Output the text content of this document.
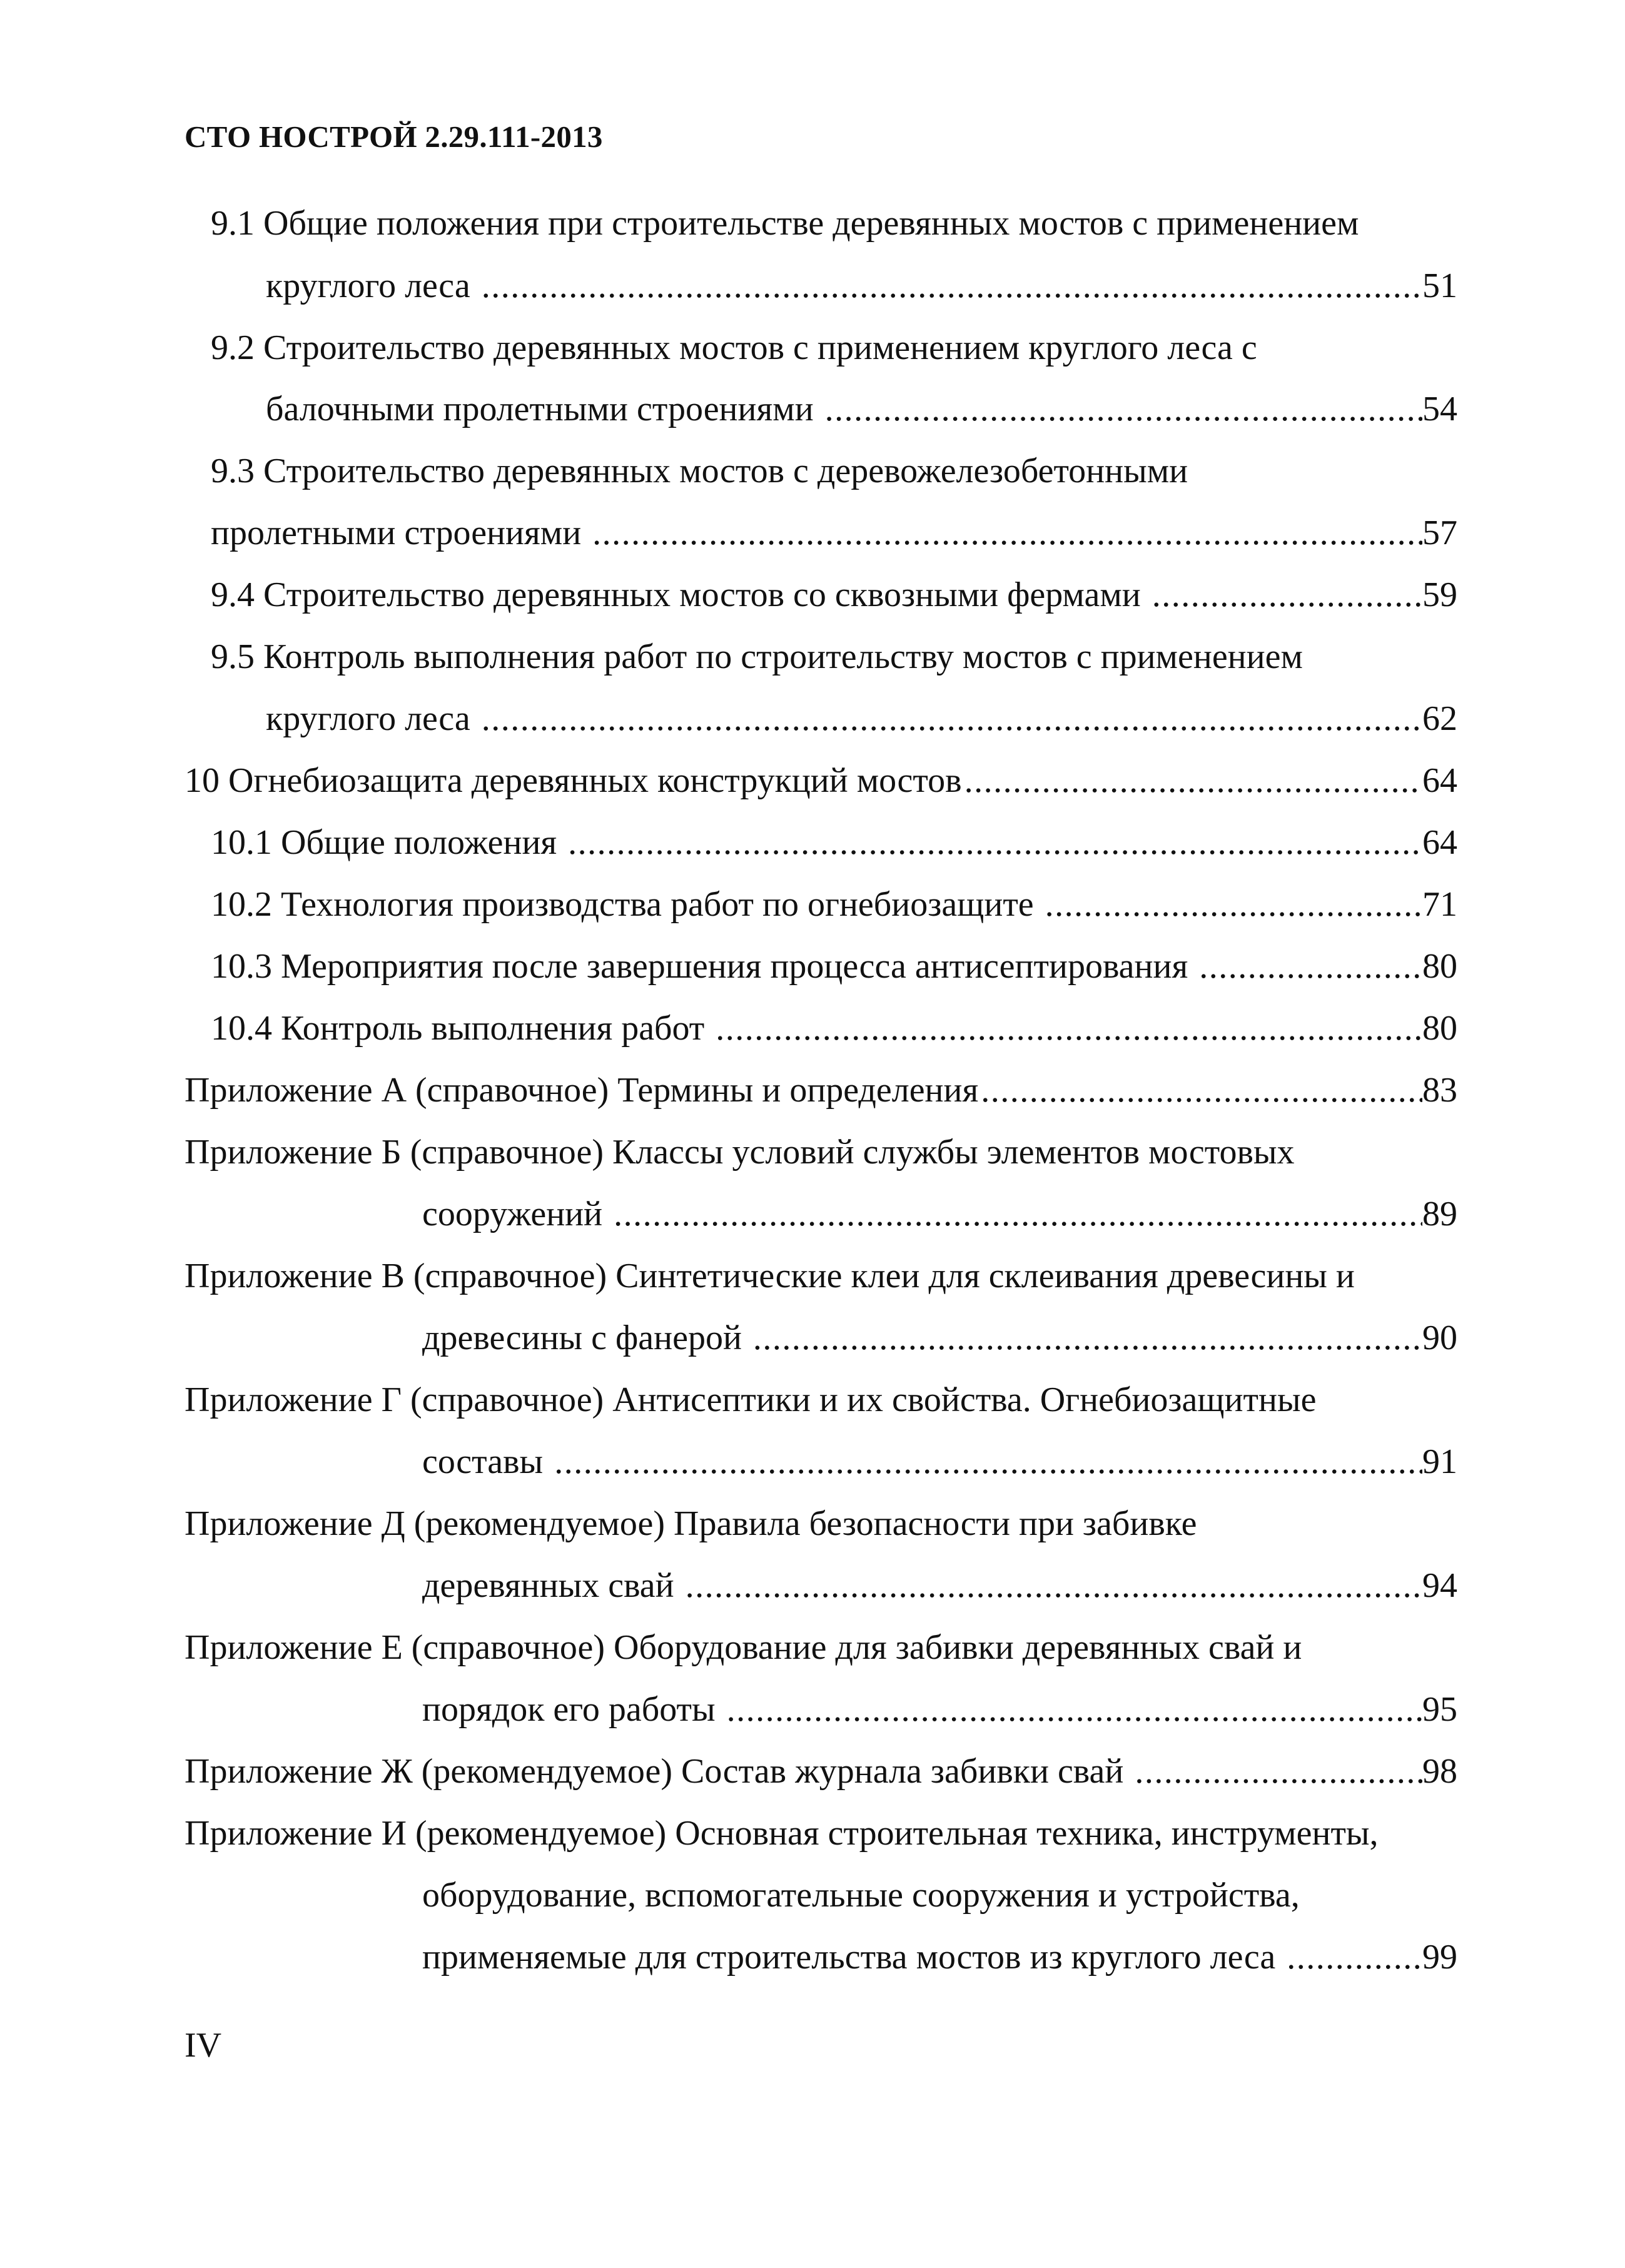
СТО НОСТРОЙ 2.29.111-2013
9.1 Общие положения при строительстве деревянных мостов с применением
круглого леса .....	51
9.2 Строительство деревянных мостов с применением круглого леса с
балочными пролетными строениями .....	54
9.3 Строительство деревянных мостов с деревожелезобетонными
пролетными строениями .....	57
9.4 Строительство деревянных мостов со сквозными фермами .....	59
9.5 Контроль выполнения работ по строительству мостов с применением
круглого леса .....	62
10 Огнебиозащита деревянных конструкций мостов .....	64
10.1 Общие положения .....	64
10.2 Технология производства работ по огнебиозащите .....	71
10.3 Мероприятия после завершения процесса антисептирования .....	80
10.4 Контроль выполнения работ .....	80
Приложение А (справочное) Термины и определения .....	83
Приложение Б (справочное) Классы условий службы элементов мостовых
сооружений .....	89
Приложение В (справочное) Синтетические клеи для склеивания древесины и
древесины с фанерой .....	90
Приложение Г (справочное) Антисептики и их свойства. Огнебиозащитные
составы .....	91
Приложение Д (рекомендуемое) Правила безопасности при забивке
деревянных свай .....	94
Приложение Е (справочное) Оборудование для забивки деревянных свай и
порядок его работы .....	95
Приложение Ж (рекомендуемое) Состав журнала забивки свай .....	98
Приложение И (рекомендуемое) Основная строительная техника, инструменты,
оборудование, вспомогательные сооружения и устройства,
применяемые для строительства мостов из круглого леса .....	99
IV
